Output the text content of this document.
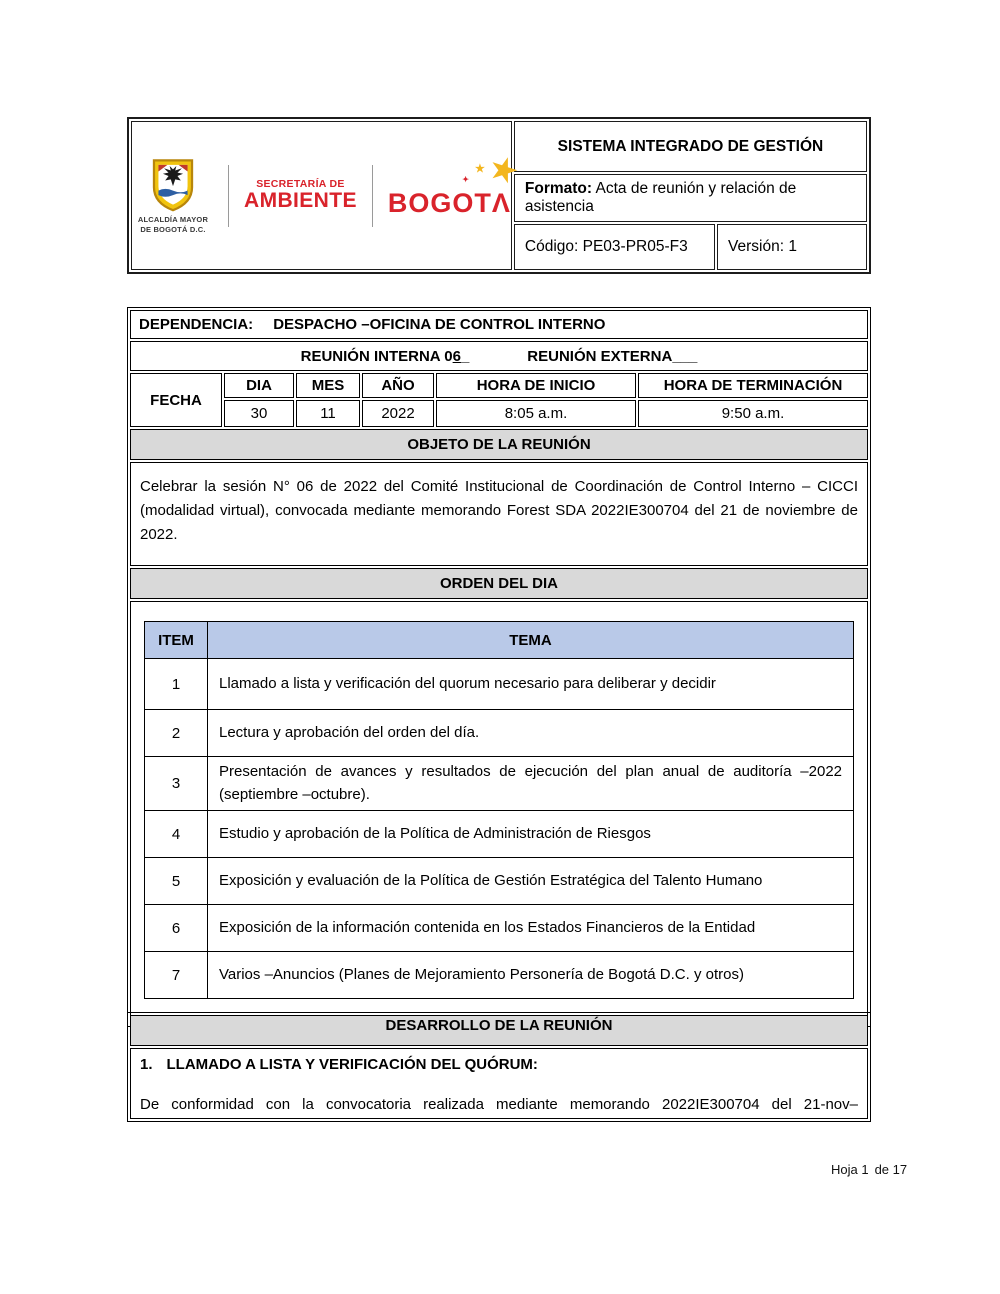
ALCALDÍA MAYOR
DE BOGOTÁ D.C.
SECRETARÍA DE
AMBIENTE
★
★
✦
BOGOTΛ
	SISTEMA INTEGRADO DE GESTIÓN
	Formato: Acta de reunión y relación de asistencia	
	Código: PE03-PR05-F3	Versión: 1
DEPENDENCIA: DESPACHO –OFICINA DE CONTROL INTERNO

REUNIÓN INTERNA 06_	REUNIÓN EXTERNA___

FECHA	DIA	MES	AÑO	HORA DE INICIO	HORA DE TERMINACIÓN
30	11	2022	8:05 a.m.	9:50 a.m.
OBJETO DE LA REUNIÓN
Celebrar la sesión N° 06 de 2022 del Comité Institucional de Coordinación de Control Interno – CICCI (modalidad virtual), convocada mediante memorando Forest SDA 2022IE300704 del 21 de noviembre de 2022.
ORDEN DEL DIA

ITEM	TEMA
1	Llamado a lista y verificación del quorum necesario para deliberar y decidir
2	Lectura y aprobación del orden del día.
3	Presentación de avances y resultados de ejecución del plan anual de auditoría –2022 (septiembre –octubre).
4	Estudio y aprobación de la Política de Administración de Riesgos
5	Exposición y evaluación de la Política de Gestión Estratégica del Talento Humano
6	Exposición de la información contenida en los Estados Financieros de la Entidad
7	Varios –Anuncios (Planes de Mejoramiento Personería de Bogotá D.C. y otros)
DESARROLLO DE LA REUNIÓN

1. LLAMADO A LISTA Y VERIFICACIÓN DEL QUÓRUM:
De conformidad con la convocatoria realizada mediante memorando 2022IE300704 del 21-nov–
Hoja 1 de 17
